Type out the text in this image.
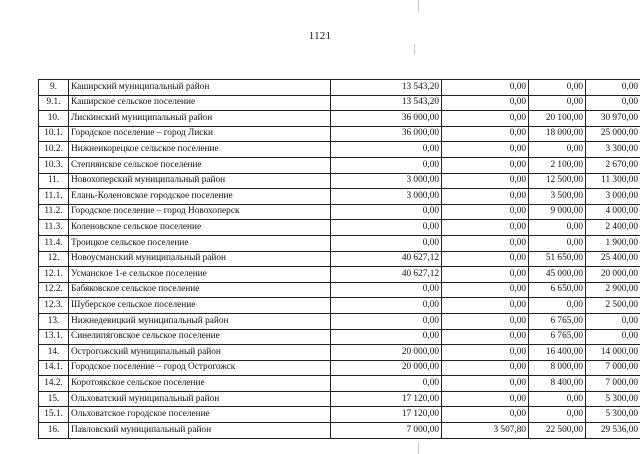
1121
9.	Каширский муниципальный район	13 543,20	0,00	0,00	0,00
9.1.	Каширское сельское поселение	13 543,20	0,00	0,00	0,00
10.	Лискинский муниципальный район	36 000,00	0,00	20 100,00	30 970,00
10.1.	Городское поселение – город Лиски	36 000,00	0,00	18 000,00	25 000,00
10.2.	Нижнеикорецкое сельское поселение	0,00	0,00	0,00	3 300,00
10.3.	Степнянское сельское поселение	0,00	0,00	2 100,00	2 670,00
11.	Новохоперский муниципальный район	3 000,00	0,00	12 500,00	11 300,00
11.1.	Елань-Коленовское городское поселение	3 000,00	0,00	3 500,00	3 000,00
11.2.	Городское поселение – город Новохоперск	0,00	0,00	9 000,00	4 000,00
11.3.	Коленовское сельское поселение	0,00	0,00	0,00	2 400,00
11.4.	Троицкое сельское поселение	0,00	0,00	0,00	1 900,00
12.	Новоусманский муниципальный район	40 627,12	0,00	51 650,00	25 400,00
12.1.	Усманское 1-е сельское поселение	40 627,12	0,00	45 000,00	20 000,00
12.2.	Бабяковское сельское поселение	0,00	0,00	6 650,00	2 900,00
12.3.	Шуберское сельское поселение	0,00	0,00	0,00	2 500,00
13.	Нижнедевицкий муниципальный район	0,00	0,00	6 765,00	0,00
13.1.	Синелипяговское сельское поселение	0,00	0,00	6 765,00	0,00
14.	Острогожский муниципальный район	20 000,00	0,00	16 400,00	14 000,00
14.1.	Городское поселение – город Острогожск	20 000,00	0,00	8 000,00	7 000,00
14.2.	Коротоякское сельское поселение	0,00	0,00	8 400,00	7 000,00
15.	Ольховатский муниципальный район	17 120,00	0,00	0,00	5 300,00
15.1.	Ольховатское городское поселение	17 120,00	0,00	0,00	5 300,00
16.	Павловский муниципальный район	7 000,00	3 507,80	22 500,00	29 536,00
